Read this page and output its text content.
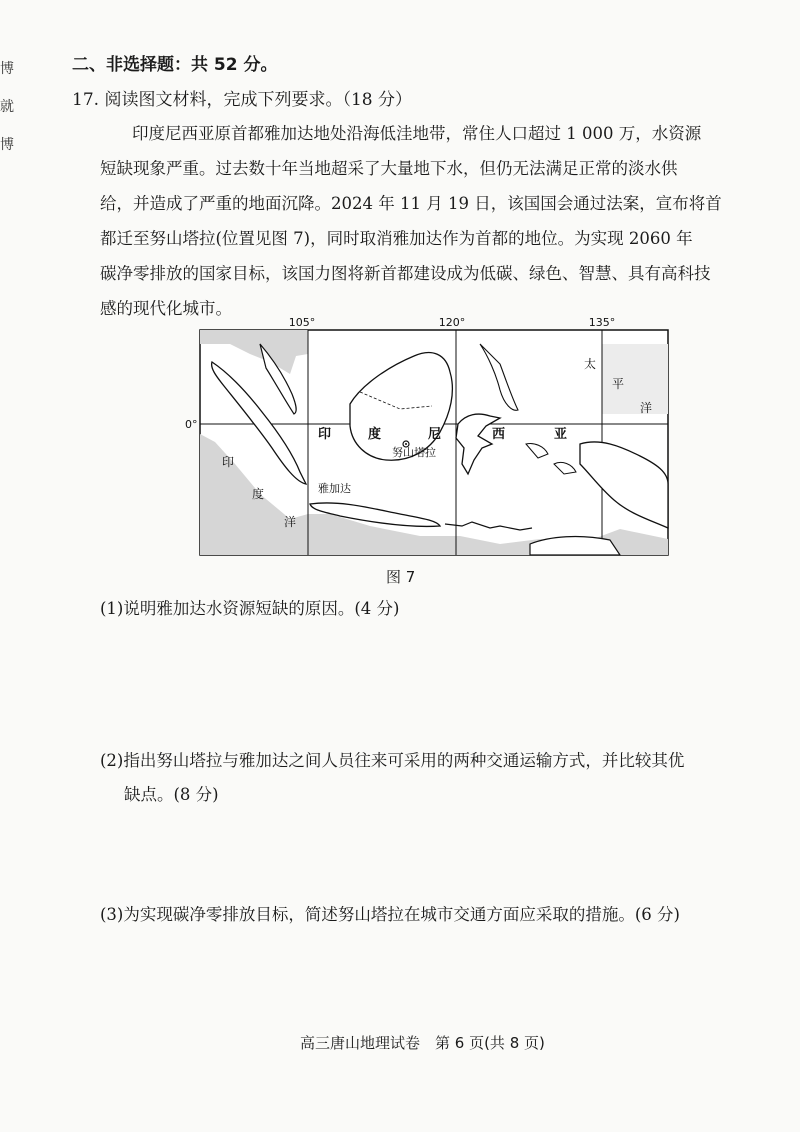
博
就
博
二、非选择题：共 52 分。
17. 阅读图文材料，完成下列要求。（18 分）
印度尼西亚原首都雅加达地处沿海低洼地带，常住人口超过 1 000 万，水资源
短缺现象严重。过去数十年当地超采了大量地下水，但仍无法满足正常的淡水供
给，并造成了严重的地面沉降。2024 年 11 月 19 日，该国国会通过法案，宣布将首
都迁至努山塔拉(位置见图 7)，同时取消雅加达作为首都的地位。为实现 2060 年
碳净零排放的国家目标，该国力图将新首都建设成为低碳、绿色、智慧、具有高科技
感的现代化城市。
105°	120°	135°
0°
印	度	尼	西	亚
努山塔拉
雅加达
印
度
洋
太
平
洋
图 7
(1)说明雅加达水资源短缺的原因。(4 分)
(2)指出努山塔拉与雅加达之间人员往来可采用的两种交通运输方式，并比较其优
缺点。(8 分)
(3)为实现碳净零排放目标，简述努山塔拉在城市交通方面应采取的措施。(6 分)
高三唐山地理试卷　第 6 页(共 8 页)
